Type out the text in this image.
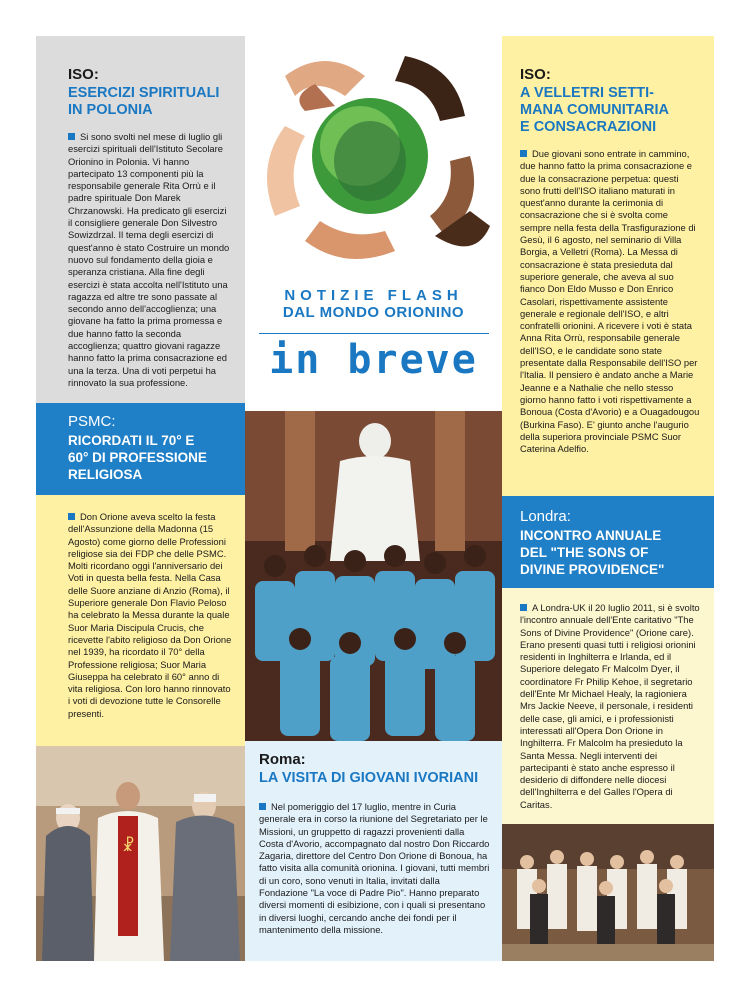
ISO:
ESERCIZI SPIRITUALI
IN POLONIA
Si sono svolti nel mese di luglio gli esercizi spirituali dell'Istituto Secolare Orionino in Polonia. Vi hanno partecipato 13 componenti più la responsabile generale Rita Orrù e il padre spirituale Don Marek Chrzanowski. Ha predicato gli esercizi il consigliere generale Don Silvestro Sowizdrzal. Il tema degli esercizi di quest'anno è stato Costruire un mondo nuovo sul fondamento della gioia e speranza cristiana. Alla fine degli esercizi è stata accolta nell'Istituto una ragazza ed altre tre sono passate al secondo anno dell'accoglienza; una giovane ha fatto la prima promessa e due hanno fatto la seconda accoglienza; quattro giovani ragazze hanno fatto la prima consacrazione ed una la terza. Una di voti perpetui ha rinnovato la sua professione.
PSMC:
RICORDATI IL 70° E
60° DI PROFESSIONE
RELIGIOSA
Don Orione aveva scelto la festa dell'Assunzione della Madonna (15 Agosto) come giorno delle Professioni religiose sia dei FDP che delle PSMC. Molti ricordano oggi l'anniversario dei Voti in questa bella festa. Nella Casa delle Suore anziane di Anzio (Roma), il Superiore generale Don Flavio Peloso ha celebrato la Messa durante la quale Suor Maria Discipula Crucis, che ricevette l'abito religioso da Don Orione nel 1939, ha ricordato il 70° della Professione religiosa; Suor Maria Giuseppa ha celebrato il 60° anno di vita religiosa. Con loro hanno rinnovato i voti di devozione tutte le Consorelle presenti.
☧
NOTIZIE FLASH
DAL MONDO ORIONINO
in breve
Roma:
LA VISITA DI GIOVANI IVORIANI
Nel pomeriggio del 17 luglio, mentre in Curia generale era in corso la riunione del Segretariato per le Missioni, un gruppetto di ragazzi provenienti dalla Costa d'Avorio, accompagnato dal nostro Don Riccardo Zagaria, direttore del Centro Don Orione di Bonoua, ha fatto visita alla comunità orionina. I giovani, tutti membri di un coro, sono venuti in Italia, invitati dalla Fondazione "La voce di Padre Pio". Hanno preparato diversi momenti di esibizione, con i quali si presentano in diversi luoghi, cercando anche dei fondi per il mantenimento della missione.
ISO:
A VELLETRI SETTI-
MANA COMUNITARIA
E CONSACRAZIONI
Due giovani sono entrate in cammino, due hanno fatto la prima consacrazione e due la consacrazione perpetua: questi sono frutti dell'ISO italiano maturati in quest'anno durante la cerimonia di consacrazione che si è svolta come sempre nella festa della Trasfigurazione di Gesù, il 6 agosto, nel seminario di Villa Borgia, a Velletri (Roma). La Messa di consacrazione è stata presieduta dal superiore generale, che aveva al suo fianco Don Eldo Musso e Don Enrico Casolari, rispettivamente assistente generale e regionale dell'ISO, e altri confratelli orionini. A ricevere i voti è stata Anna Rita Orrù, responsabile generale dell'ISO, e le candidate sono state presentate dalla Responsabile dell'ISO per l'Italia. Il pensiero è andato anche a Marie Jeanne e a Nathalie che nello stesso giorno hanno fatto i voti rispettivamente a Bonoua (Costa d'Avorio) e a Ouagadougou (Burkina Faso). E' giunto anche l'augurio della superiora provinciale PSMC Suor Caterina Adelfio.
Londra:
INCONTRO ANNUALE
DEL "THE SONS OF
DIVINE PROVIDENCE"
A Londra-UK il 20 luglio 2011, si è svolto l'incontro annuale dell'Ente caritativo "The Sons of Divine Providence" (Orione care). Erano presenti quasi tutti i religiosi orionini residenti in Inghilterra e Irlanda, ed il Superiore delegato Fr Malcolm Dyer, il coordinatore Fr Philip Kehoe, il segretario dell'Ente Mr Michael Healy, la ragioniera Mrs Jackie Neeve, il personale, i residenti delle case, gli amici, e i professionisti interessati all'Opera Don Orione in Inghilterra. Fr Malcolm ha presieduto la Santa Messa. Negli interventi dei partecipanti è stato anche espresso il desiderio di diffondere nelle diocesi dell'Inghilterra e del Galles l'Opera di Caritas.
